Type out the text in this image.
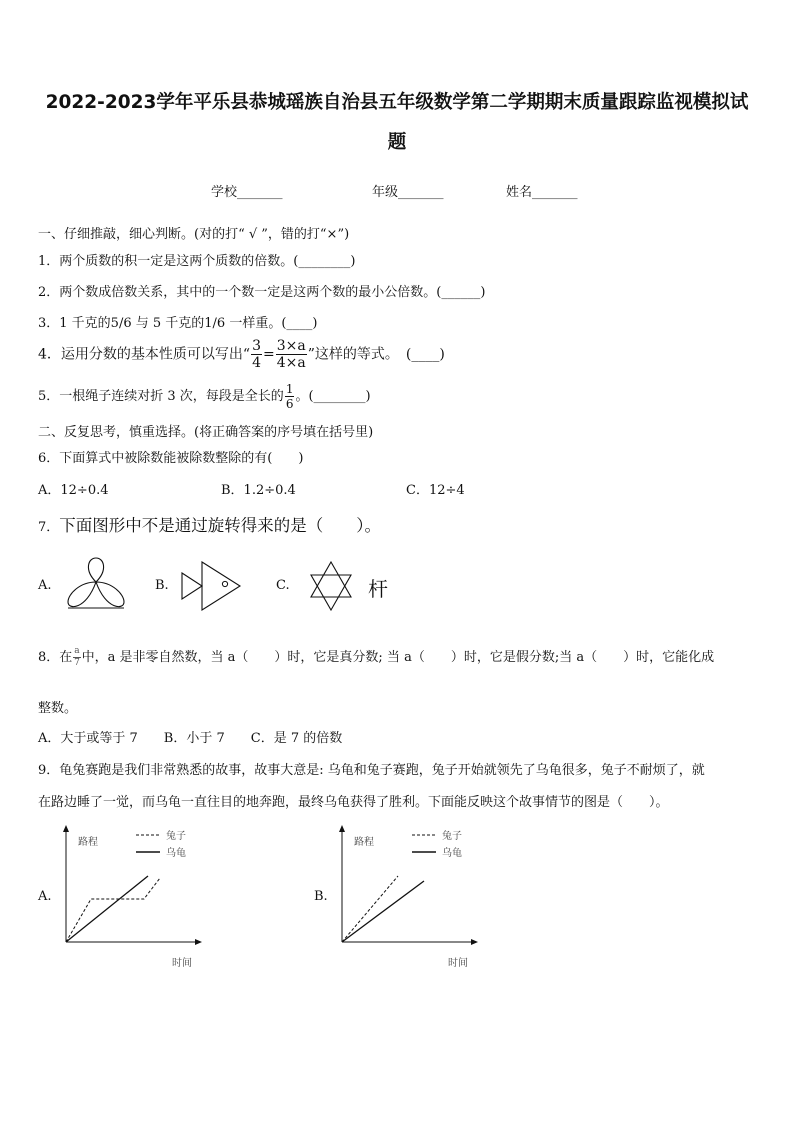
2022-2023学年平乐县恭城瑶族自治县五年级数学第二学期期末质量跟踪监视模拟试
题
学校_______	年级_______	姓名_______
一、仔细推敲，细心判断。(对的打“ √ ”，错的打“×”)
1．两个质数的积一定是这两个质数的倍数。(________)
2．两个数成倍数关系，其中的一个数一定是这两个数的最小公倍数。(______)
3．1 千克的5/6 与 5 千克的1/6 一样重。(____)
4．运用分数的基本性质可以写出“ $\frac{3}{4} = \frac{3\times a}{4\times a}$ ”这样的等式。　(____)
5．一根绳子连续对折 3 次，每段是全长的 $\frac{1}{6}$ 。(________)
二、反复思考，慎重选择。(将正确答案的序号填在括号里)
6．下面算式中被除数能被除数整除的有(　　)
A．12÷0.4	B．1.2÷0.4	C．12÷4
7．下面图形中不是通过旋转得来的是（　　）。
A.	B.	C.	杆
8．在 $\frac{a}{7}$ 中，a 是非零自然数，当 a（　　）时，它是真分数; 当 a（　　）时，它是假分数;当 a（　　）时，它能化成
整数。
A．大于或等于 7　　B．小于 7　　C．是 7 的倍数
9．龟兔赛跑是我们非常熟悉的故事，故事大意是: 乌龟和兔子赛跑，兔子开始就领先了乌龟很多，兔子不耐烦了，就
在路边睡了一觉，而乌龟一直往目的地奔跑，最终乌龟获得了胜利。下面能反映这个故事情节的图是（　　）。
A.
路程
时间
兔子
乌龟
B.
路程
时间
兔子
乌龟
